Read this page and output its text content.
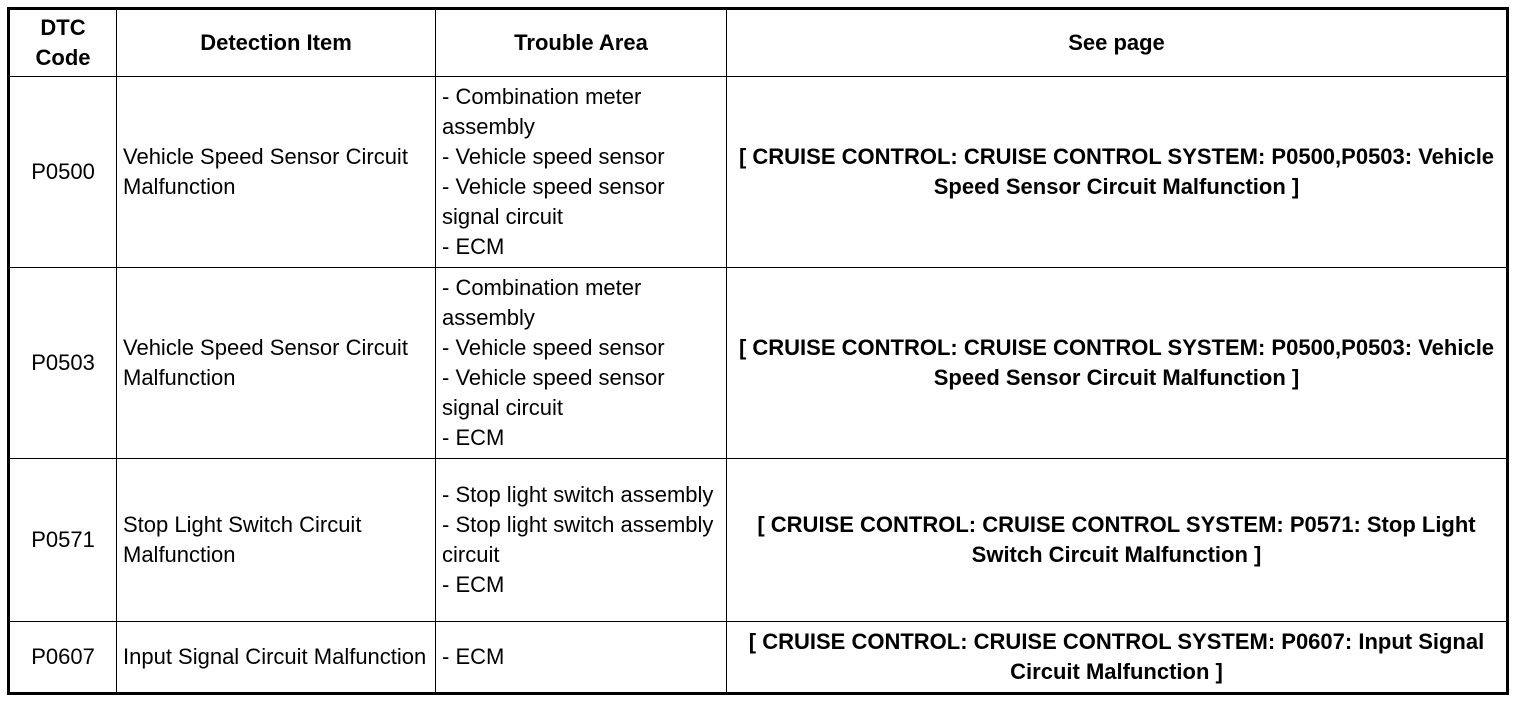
DTC Code	Detection Item	Trouble Area	See page
P0500	Vehicle Speed Sensor Circuit Malfunction	- Combination meter assembly
- Vehicle speed sensor
- Vehicle speed sensor signal circuit
- ECM	[ CRUISE CONTROL: CRUISE CONTROL SYSTEM: P0500,P0503: Vehicle Speed Sensor Circuit Malfunction ]
P0503	Vehicle Speed Sensor Circuit Malfunction	- Combination meter assembly
- Vehicle speed sensor
- Vehicle speed sensor signal circuit
- ECM	[ CRUISE CONTROL: CRUISE CONTROL SYSTEM: P0500,P0503: Vehicle Speed Sensor Circuit Malfunction ]
P0571	Stop Light Switch Circuit Malfunction	- Stop light switch assembly
- Stop light switch assembly circuit
- ECM	[ CRUISE CONTROL: CRUISE CONTROL SYSTEM: P0571: Stop Light Switch Circuit Malfunction ]
P0607	Input Signal Circuit Malfunction	- ECM	[ CRUISE CONTROL: CRUISE CONTROL SYSTEM: P0607: Input Signal Circuit Malfunction ]
